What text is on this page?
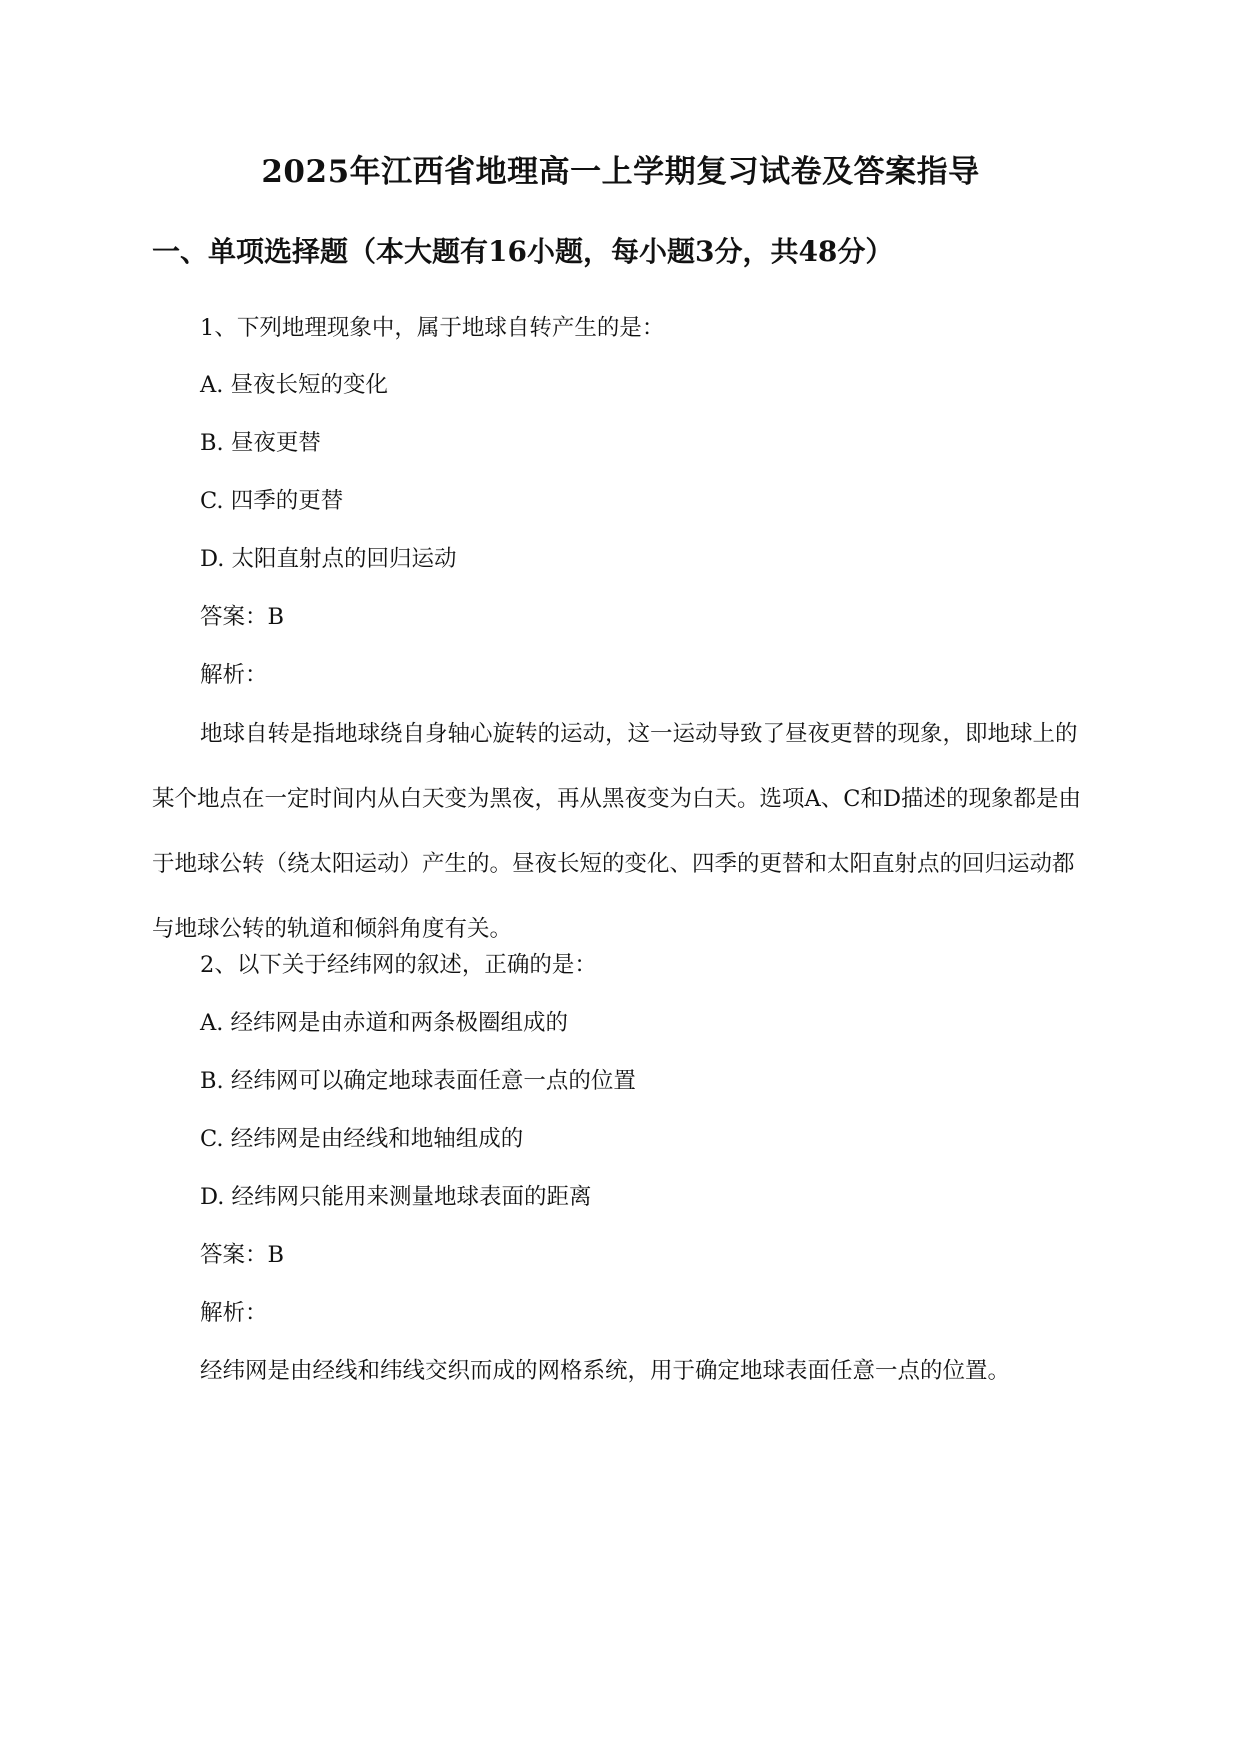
2025年江西省地理高一上学期复习试卷及答案指导
一、单项选择题（本大题有16小题，每小题3分，共48分）
1、下列地理现象中，属于地球自转产生的是：
A. 昼夜长短的变化
B. 昼夜更替
C. 四季的更替
D. 太阳直射点的回归运动
答案：B
解析：
地球自转是指地球绕自身轴心旋转的运动，这一运动导致了昼夜更替的现象，即地球上的某个地点在一定时间内从白天变为黑夜，再从黑夜变为白天。选项A、C和D描述的现象都是由于地球公转（绕太阳运动）产生的。昼夜长短的变化、四季的更替和太阳直射点的回归运动都与地球公转的轨道和倾斜角度有关。
2、以下关于经纬网的叙述，正确的是：
A. 经纬网是由赤道和两条极圈组成的
B. 经纬网可以确定地球表面任意一点的位置
C. 经纬网是由经线和地轴组成的
D. 经纬网只能用来测量地球表面的距离
答案：B
解析：
经纬网是由经线和纬线交织而成的网格系统，用于确定地球表面任意一点的位置。
